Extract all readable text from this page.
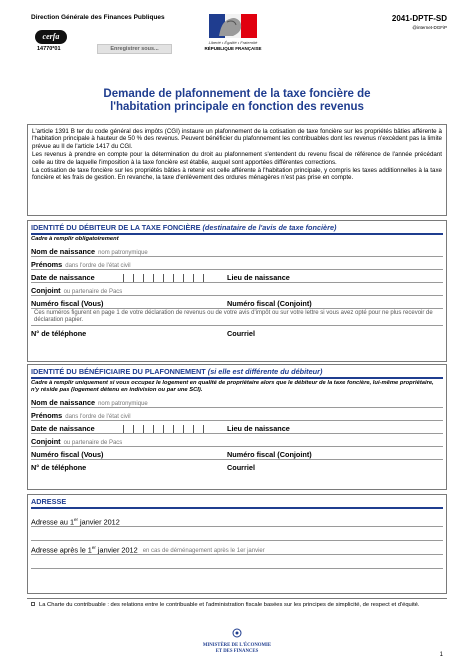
Direction Générale des Finances Publiques
cerfa
14770*01	Enregistrer sous...
Liberté • Égalité • Fraternité
RÉPUBLIQUE FRANÇAISE
2041-DPTF-SD
@internet-DGFiP
Demande de plafonnement de la taxe foncière de
l'habitation principale en fonction des revenus

L'article 1391 B ter du code général des impôts (CGI) instaure un plafonnement de la cotisation de taxe foncière sur les propriétés bâties afférente à l'habitation principale à hauteur de 50 % des revenus. Peuvent bénéficier du plafonnement les contribuables dont les revenus n'excèdent pas la limite prévue au II de l'article 1417 du CGI.

Les revenus à prendre en compte pour la détermination du droit au plafonnement s'entendent du revenu fiscal de référence de l'année précédant celle au titre de laquelle l'imposition à la taxe foncière est établie, auquel sont apportées différentes corrections.

La cotisation de taxe foncière sur les propriétés bâties à retenir est celle afférente à l'habitation principale, y compris les taxes additionnelles à la taxe foncière et les frais de gestion. En revanche, la taxe d'enlèvement des ordures ménagères n'est pas prise en compte.

IDENTITÉ DU DÉBITEUR DE LA TAXE FONCIÈRE (destinataire de l'avis de taxe foncière)
Cadre à remplir obligatoirement
Nom de naissance nom patronymique
Prénoms dans l'ordre de l'état civil
Date de naissance	Lieu de naissance
Conjoint ou partenaire de Pacs
Numéro fiscal (Vous)	Numéro fiscal (Conjoint)
Ces numéros figurent en page 1 de votre déclaration de revenus ou de votre avis d'impôt ou sur votre lettre si vous avez opté pour ne plus recevoir de déclaration papier.
N° de téléphone	Courriel
IDENTITÉ DU BÉNÉFICIAIRE DU PLAFONNEMENT (si elle est différente du débiteur)
Cadre à remplir uniquement si vous occupez le logement en qualité de propriétaire alors que le débiteur de la taxe foncière, lui-même propriétaire, n'y réside pas (logement détenu en indivision ou par une SCI).
Nom de naissance nom patronymique
Prénoms dans l'ordre de l'état civil
Date de naissance	Lieu de naissance
Conjoint ou partenaire de Pacs
Numéro fiscal (Vous)	Numéro fiscal (Conjoint)
N° de téléphone	Courriel
ADRESSE
Adresse au 1er janvier 2012
Adresse après le 1er janvier 2012 en cas de déménagement après le 1er janvier
La Charte du contribuable : des relations entre le contribuable et l'administration fiscale basées sur les principes de simplicité, de respect et d'équité.
MINISTÈRE DE L'ÉCONOMIE
ET DES FINANCES
1
